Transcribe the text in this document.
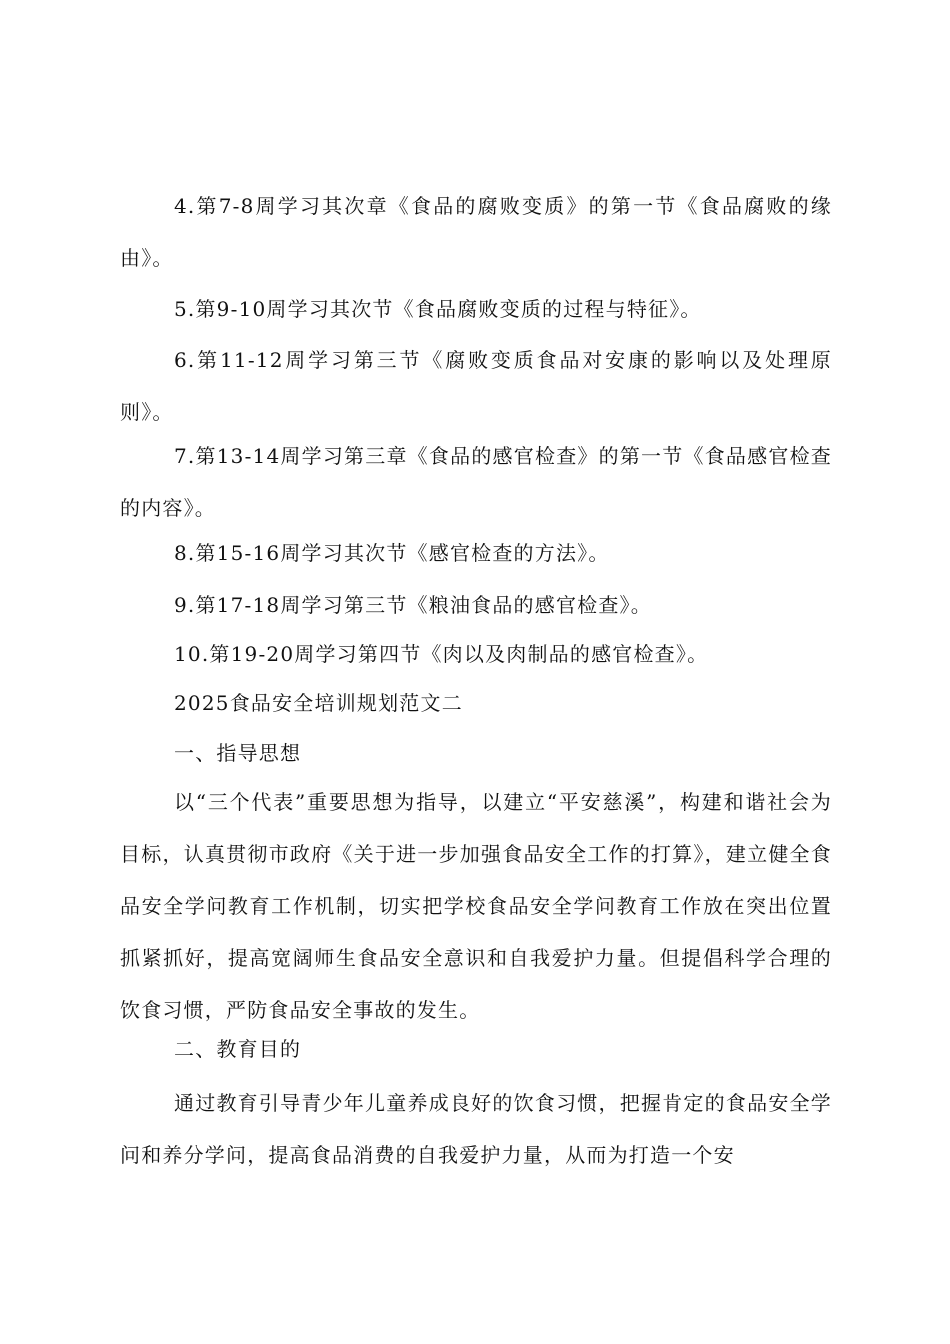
4.第7-8周学习其次章《食品的腐败变质》的第一节《食品腐败的缘由》。

5.第9-10周学习其次节《食品腐败变质的过程与特征》。

6.第11-12周学习第三节《腐败变质食品对安康的影响以及处理原则》。

7.第13-14周学习第三章《食品的感官检查》的第一节《食品感官检查的内容》。

8.第15-16周学习其次节《感官检查的方法》。

9.第17-18周学习第三节《粮油食品的感官检查》。

10.第19-20周学习第四节《肉以及肉制品的感官检查》。

2025食品安全培训规划范文二

一、指导思想

以“三个代表”重要思想为指导，以建立“平安慈溪”，构建和谐社会为目标，认真贯彻市政府《关于进一步加强食品安全工作的打算》，建立健全食品安全学问教育工作机制，切实把学校食品安全学问教育工作放在突出位置抓紧抓好，提高宽阔师生食品安全意识和自我爱护力量。但提倡科学合理的饮食习惯，严防食品安全事故的发生。

二、教育目的

通过教育引导青少年儿童养成良好的饮食习惯，把握肯定的食品安全学问和养分学问，提高食品消费的自我爱护力量，从而为打造一个安
